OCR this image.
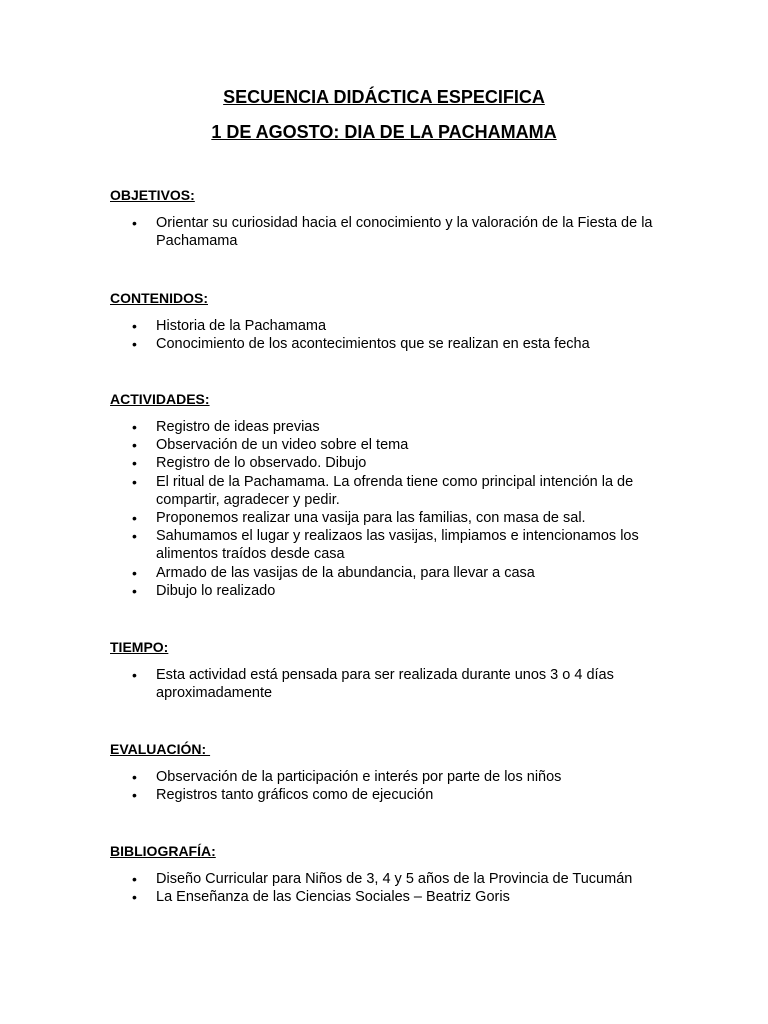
SECUENCIA DIDÁCTICA ESPECIFICA
1 DE AGOSTO: DIA DE LA PACHAMAMA
OBJETIVOS:
• Orientar su curiosidad hacia el conocimiento y la valoración de la Fiesta de la Pachamama
CONTENIDOS:
• Historia de la Pachamama
• Conocimiento de los acontecimientos que se realizan en esta fecha
ACTIVIDADES:
• Registro de ideas previas
• Observación de un video sobre el tema
• Registro de lo observado. Dibujo
• El ritual de la Pachamama. La ofrenda tiene como principal intención la de compartir, agradecer y pedir.
• Proponemos realizar una vasija para las familias, con masa de sal.
• Sahumamos el lugar y realizaos las vasijas, limpiamos e intencionamos los alimentos traídos desde casa
• Armado de las vasijas de la abundancia, para llevar a casa
• Dibujo lo realizado
TIEMPO:
• Esta actividad está pensada para ser realizada durante unos 3 o 4 días aproximadamente
EVALUACIÓN:
• Observación de la participación e interés por parte de los niños
• Registros tanto gráficos como de ejecución
BIBLIOGRAFÍA:
• Diseño Curricular para Niños de 3, 4 y 5 años de la Provincia de Tucumán
• La Enseñanza de las Ciencias Sociales – Beatriz Goris
